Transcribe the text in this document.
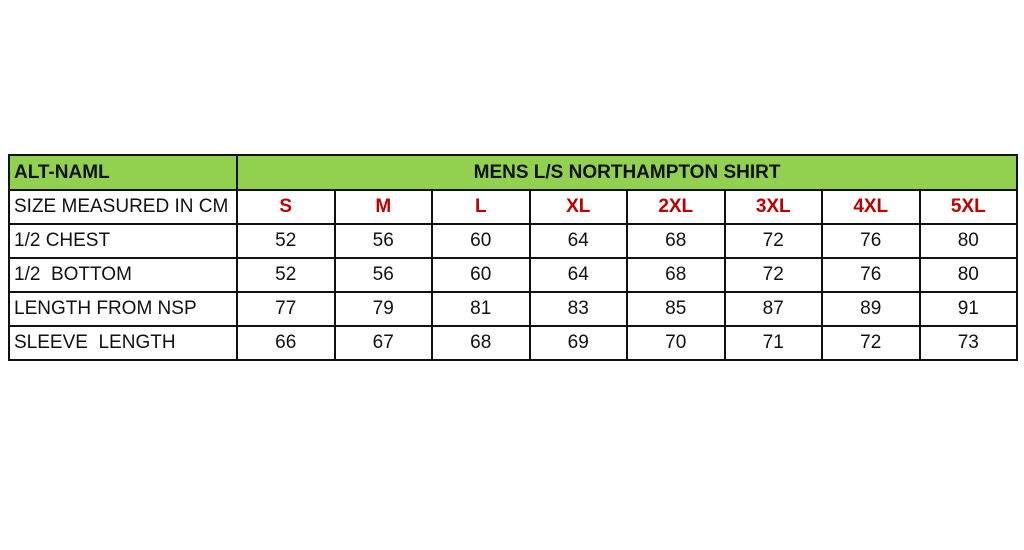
ALT-NAML	MENS L/S NORTHAMPTON SHIRT							
SIZE MEASURED IN CM	S	M	L	XL	2XL	3XL	4XL	5XL
1/2 CHEST	52	56	60	64	68	72	76	80
1/2  BOTTOM	52	56	60	64	68	72	76	80
LENGTH FROM NSP	77	79	81	83	85	87	89	91
SLEEVE  LENGTH	66	67	68	69	70	71	72	73
